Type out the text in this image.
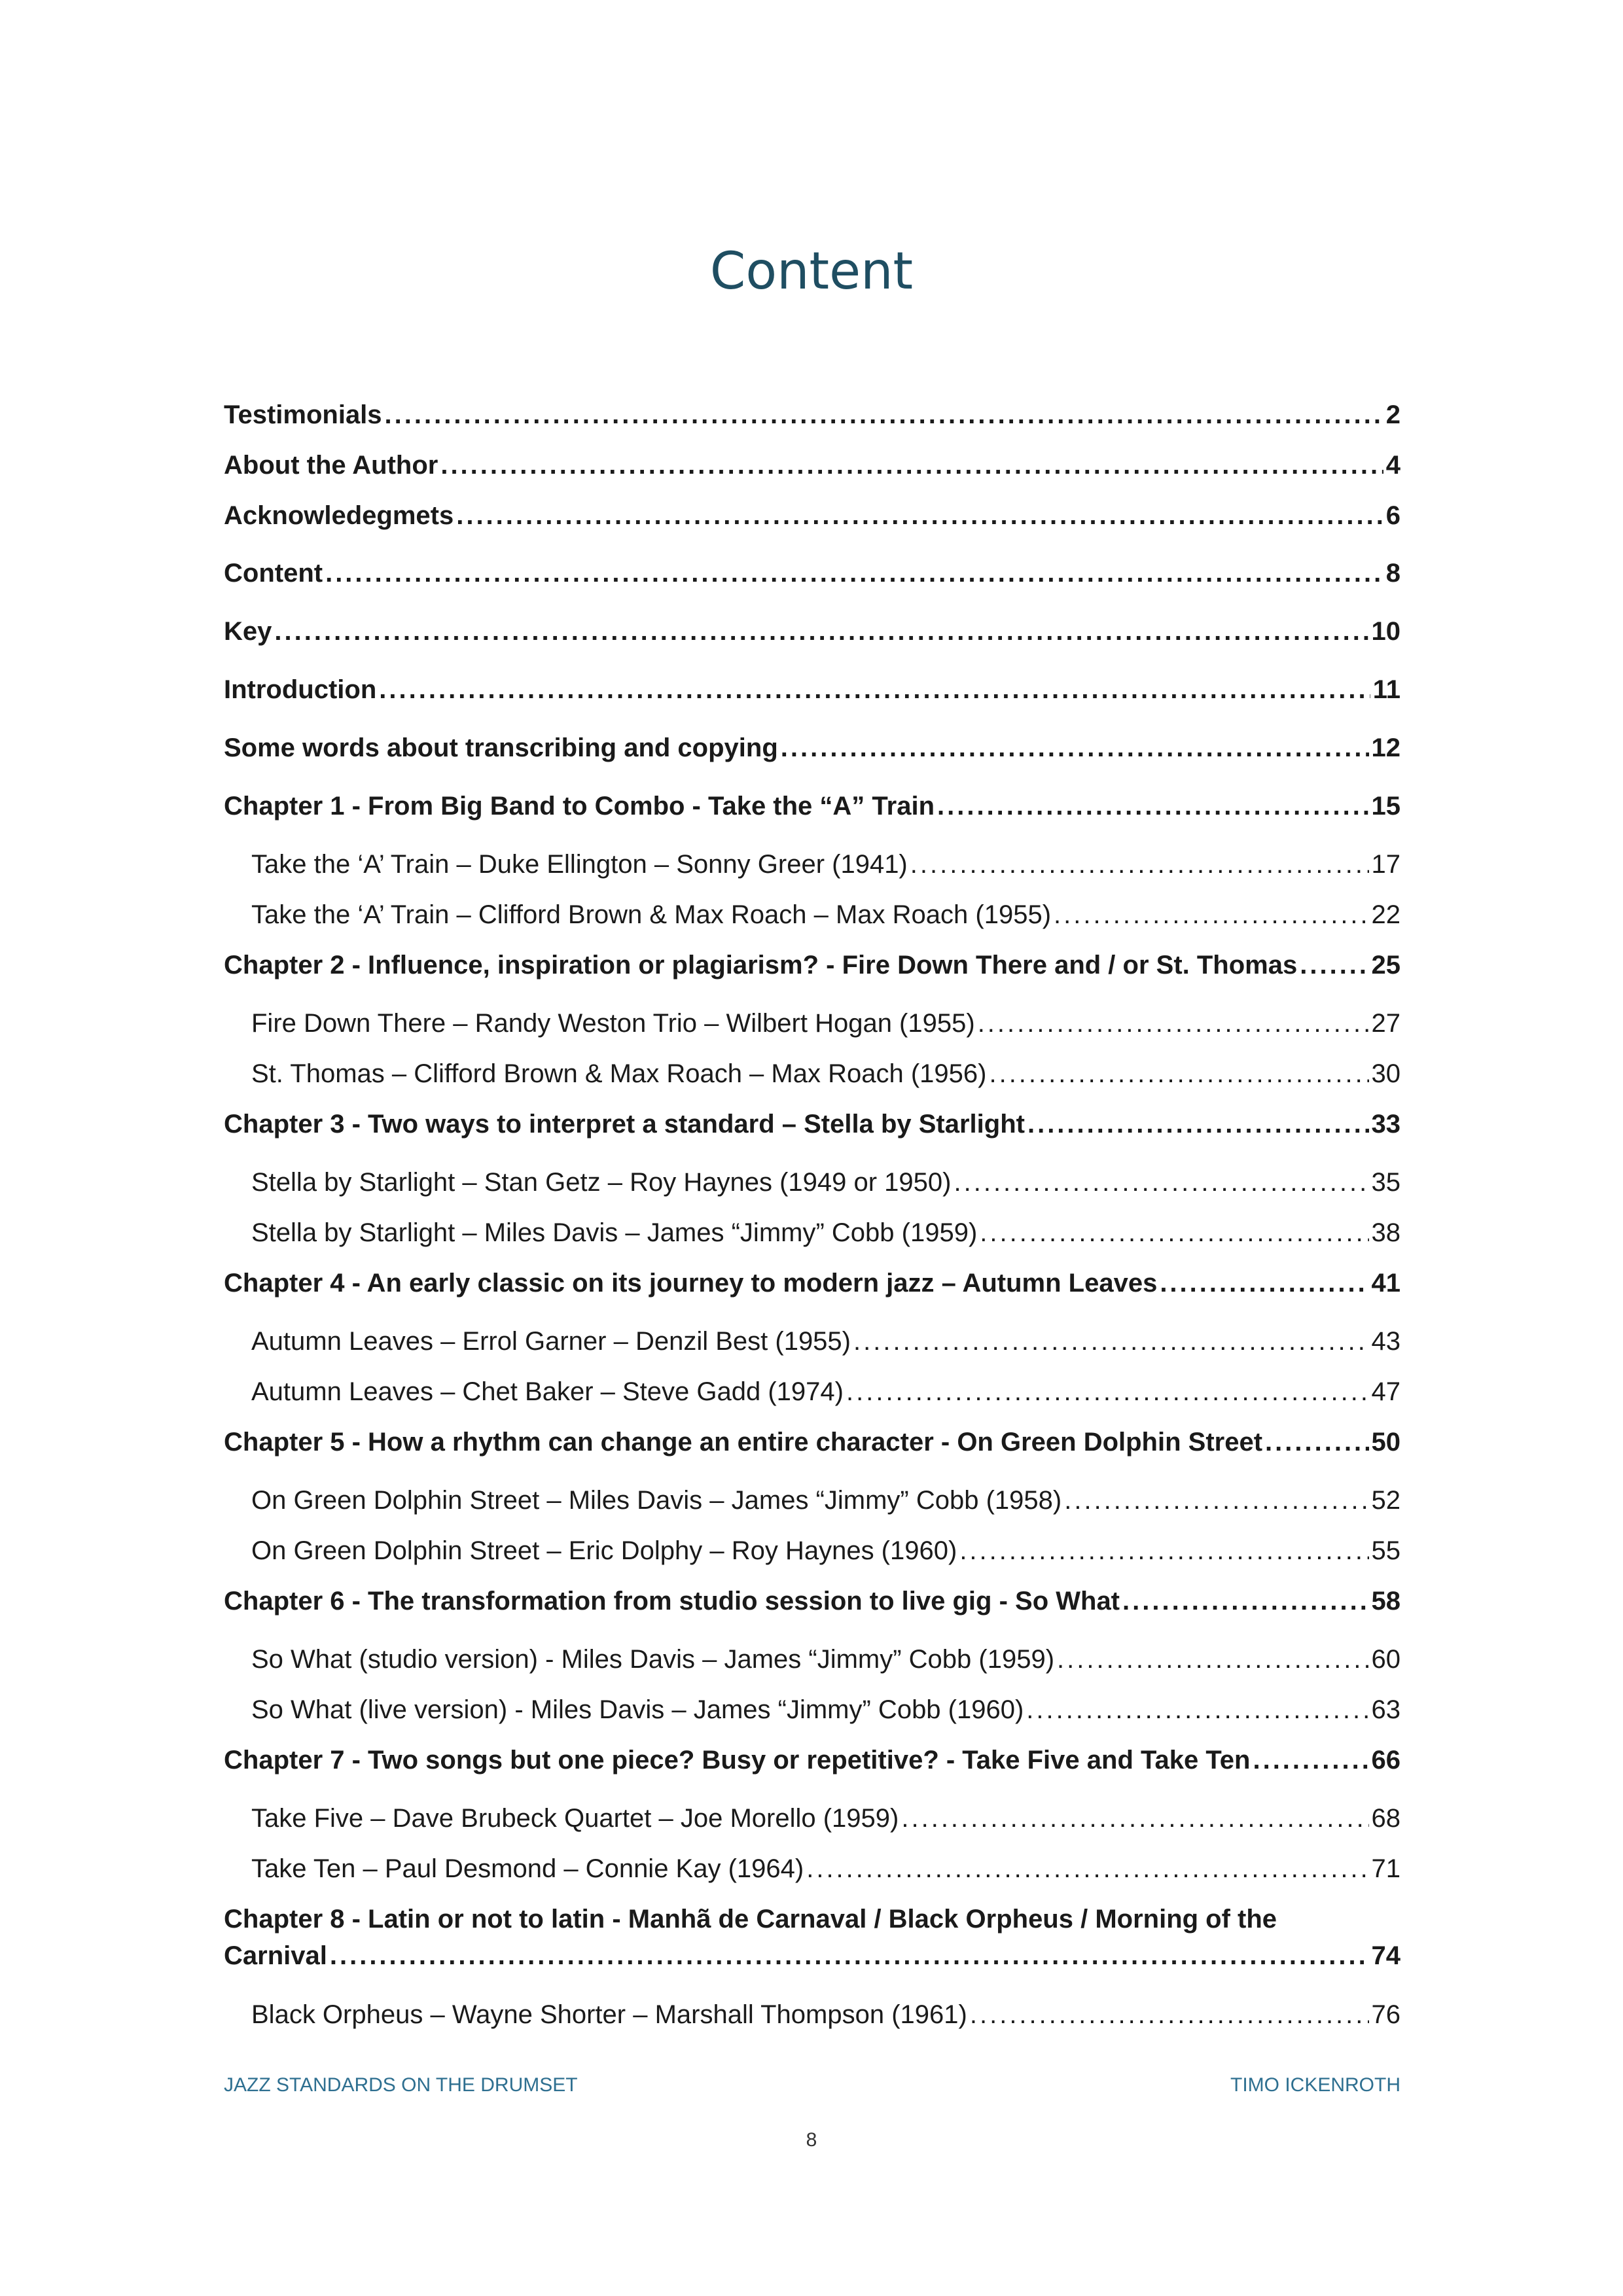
Content
Testimonials .....	2
About the Author .....	4
Acknowledegmets .....	6
Content .....	8
Key .....	10
Introduction .....	11
Some words about transcribing and copying .....	12
Chapter 1 - From Big Band to Combo - Take the “A” Train .....	15
Take the ‘A’ Train – Duke Ellington – Sonny Greer (1941) .....	17
Take the ‘A’ Train – Clifford Brown & Max Roach – Max Roach (1955) .....	22
Chapter 2 - Influence, inspiration or plagiarism? - Fire Down There and / or St. Thomas .....	25
Fire Down There – Randy Weston Trio – Wilbert Hogan (1955) .....	27
St. Thomas – Clifford Brown & Max Roach – Max Roach (1956) .....	30
Chapter 3 - Two ways to interpret a standard – Stella by Starlight .....	33
Stella by Starlight – Stan Getz – Roy Haynes (1949 or 1950) .....	35
Stella by Starlight – Miles Davis – James “Jimmy” Cobb (1959) .....	38
Chapter 4 - An early classic on its journey to modern jazz – Autumn Leaves .....	41
Autumn Leaves – Errol Garner – Denzil Best (1955) .....	43
Autumn Leaves – Chet Baker – Steve Gadd (1974) .....	47
Chapter 5 - How a rhythm can change an entire character - On Green Dolphin Street .....	50
On Green Dolphin Street – Miles Davis – James “Jimmy” Cobb (1958) .....	52
On Green Dolphin Street – Eric Dolphy – Roy Haynes (1960) .....	55
Chapter 6 - The transformation from studio session to live gig - So What .....	58
So What (studio version) - Miles Davis – James “Jimmy” Cobb (1959) .....	60
So What (live version) - Miles Davis – James “Jimmy” Cobb (1960) .....	63
Chapter 7 - Two songs but one piece? Busy or repetitive? - Take Five and Take Ten .....	66
Take Five – Dave Brubeck Quartet – Joe Morello (1959) .....	68
Take Ten – Paul Desmond – Connie Kay (1964) .....	71
Chapter 8 - Latin or not to latin - Manhã de Carnaval / Black Orpheus / Morning of the
Carnival .....	74
Black Orpheus – Wayne Shorter – Marshall Thompson (1961) .....	76
JAZZ STANDARDS ON THE DRUMSET	TIMO ICKENROTH
8
